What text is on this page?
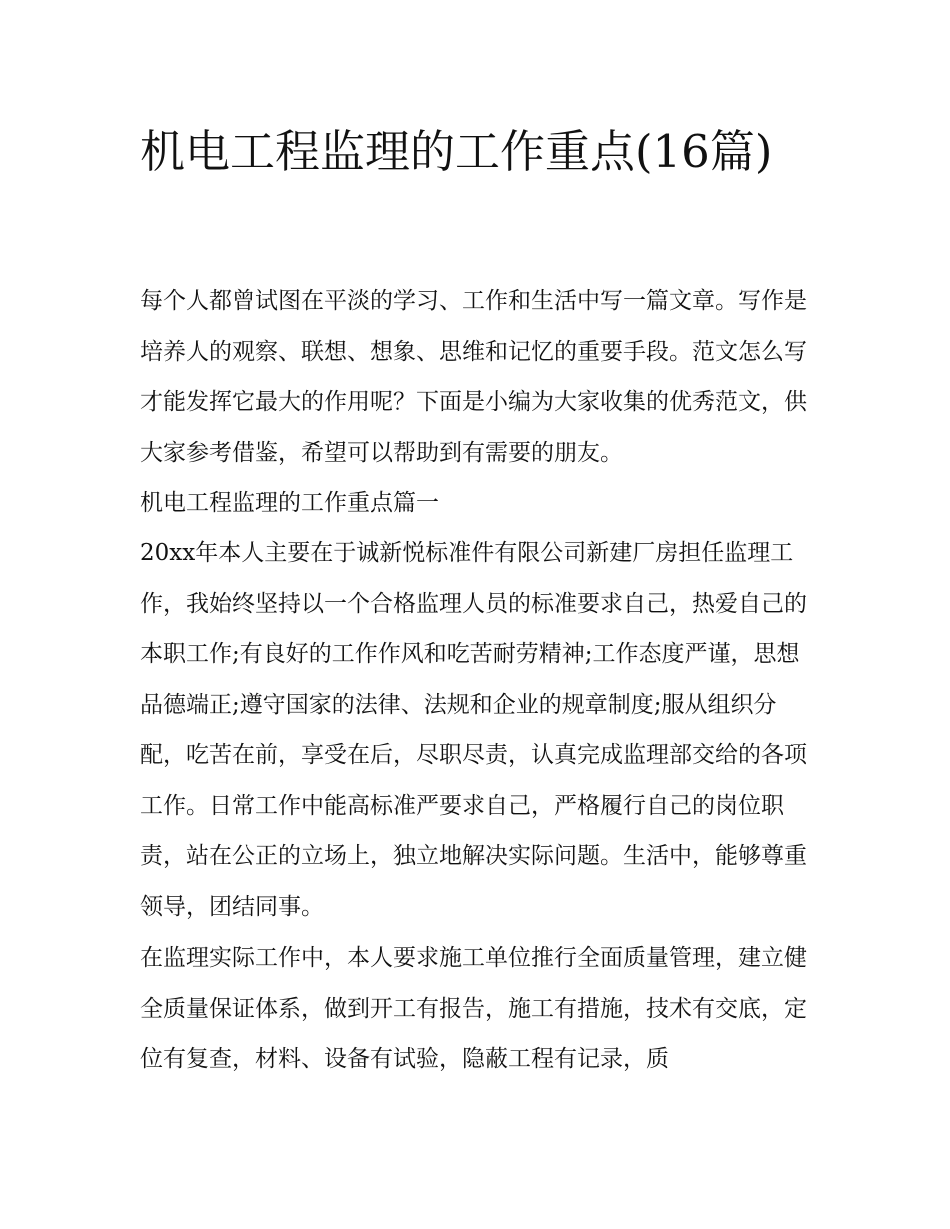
机电工程监理的工作重点(16篇)

每个人都曾试图在平淡的学习、工作和生活中写一篇文章。写作是培养人的观察、联想、想象、思维和记忆的重要手段。范文怎么写才能发挥它最大的作用呢？下面是小编为大家收集的优秀范文，供大家参考借鉴，希望可以帮助到有需要的朋友。

机电工程监理的工作重点篇一

20xx年本人主要在于诚新悦标准件有限公司新建厂房担任监理工作，我始终坚持以一个合格监理人员的标准要求自己，热爱自己的本职工作;有良好的工作作风和吃苦耐劳精神;工作态度严谨，思想品德端正;遵守国家的法律、法规和企业的规章制度;服从组织分配，吃苦在前，享受在后，尽职尽责，认真完成监理部交给的各项工作。日常工作中能高标准严要求自己，严格履行自己的岗位职责，站在公正的立场上，独立地解决实际问题。生活中，能够尊重领导，团结同事。

在监理实际工作中，本人要求施工单位推行全面质量管理，建立健全质量保证体系，做到开工有报告，施工有措施，技术有交底，定位有复查，材料、设备有试验，隐蔽工程有记录，质
